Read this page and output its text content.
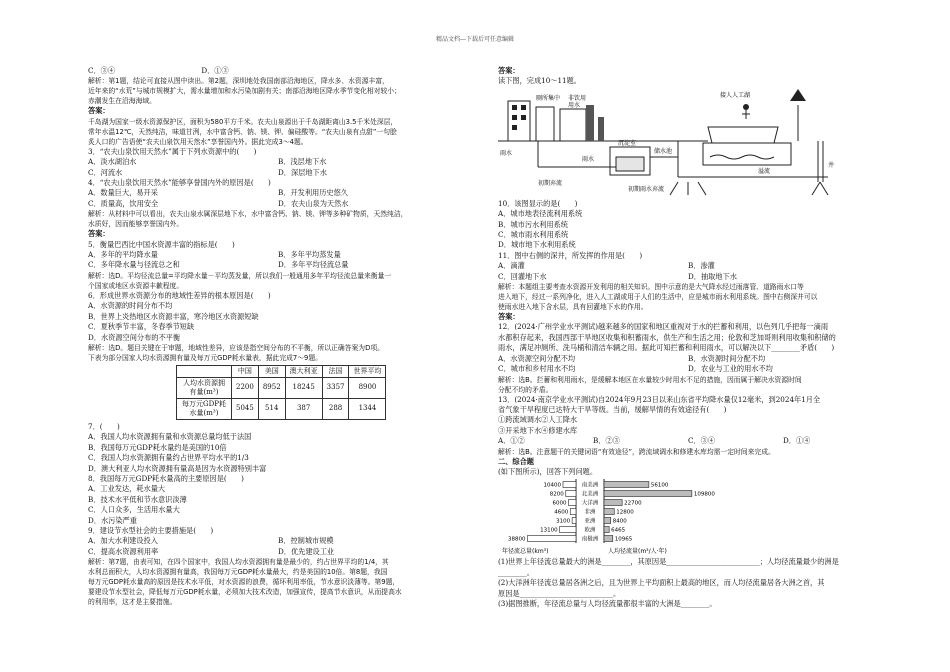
精品文档---下载后可任意编辑

C．③④　　　　　　　　　　　　D．①③

解析：第1题，结论可直接从图中读出。第2题，深圳地处我国南部沿海地区，降水多、水资源丰富，

近年来的“水荒”与城市规模扩大，需水量增加和水污染加剧有关；南部沿海地区降水季节变化相对较小；

赤潮发生在沿海海域。

答案：

千岛湖为国家一级水资源保护区，面积为580平方千米。农夫山泉源出于千岛湖距离山3.5千米处深层，

常年水温12℃，天然纯洁，味道甘洌，水中富含钙、钠、镁、钾、偏硅酸等。“农夫山泉有点甜”一句脍

炙人口的广告语使“农夫山泉饮用天然水”享誉国内外。据此完成3～4题。

3．“农夫山泉饮用天然水”属于下列水资源中的(　　)

A．淡水湖泊水	B．浅层地下水
C．河流水	D．深层地下水

4．“农夫山泉饮用天然水”能够享誉国内外的原因是(　　)

A．数量巨大，易开采	B．开发利用历史悠久
C．质量高，饮用安全	D．农夫山泉为天然水

解析：从材料中可以看出，农夫山泉水属深层地下水，水中富含钙、钠、镁、钾等多种矿物质，天然纯洁，

水质好，因而能够享誉国内外。

答案：

5．衡量巴西比中国水资源丰富的指标是(　　)

A．多年的平均降水量	B．多年平均蒸发量
C．多年降水量与径流总之和	D．多年平均径流总量

解析：选D。平均径流总量=平均降水量－平均蒸发量，所以我们一般通用多年平均径流总量来衡量一

个国家或地区水资源丰歉程度。

6．形成世界水资源分布的地域性差异的根本原因是(　　)

A．水资源的时间分布不均

B．世界上炎热地区水资源丰富，寒冷地区水资源短缺

C．夏秋季节丰富，冬春季节短缺

D．水资源空间分布的不平衡

解析：选D。题目关键在于审题，地域性差异，应该是指空间分布的不平衡，所以正确答案为D项。

下表为部分国家人均水资源拥有量及每万元GDP耗水量表，据此完成7～9题。

	中国	美国	澳大利亚	法国	世界平均
人均水资源拥有量(m³)	2200	8952	18245	3357	8900
每万元GDP耗水量(m³)	5045	514	387	288	1344

7．(　　)

A．我国人均水资源拥有量和水资源总量均低于法国

B．我国每万元GDP耗水量约是美国的10倍

C．我国人均水资源拥有量约占世界平均水平的1/3

D．澳大利亚人均水资源拥有量高是因为水资源特别丰富

8．我国每万元GDP耗水量高的主要原因是(　　)

A．工业发达，耗水量大

B．技术水平低和节水意识淡薄

C．人口众多，生活用水量大

D．水污染严重

9．建设节水型社会的主要措施是(　　)

A．加大水利建设投入	B．控制城市规模
C．提高水资源利用率	D．优先建设工业

解析：第7题，由表可知，在四个国家中，我国人均水资源拥有量是最少的，约占世界平均的1/4，其

水利总面积大，人均水资源拥有量高，我国每万元GDP耗水量最大，约是美国的10倍。第8题，我国

每万元GDP耗水量高的原因是技术水平低，对水资源的浪费，循环利用率低，节水意识淡薄等。第9题，

要建设节水型社会，降低每万元GDP耗水量，必须加大技术改造，加强宣传，提高节水意识，从而提高水

的利用率，这才是主要措施。

答案：

读下图，完成10～11题。

厕所集中 非饮用
用水
接人人工湖
沉淀室
雨水	储水池
溢流
初期弃流
雨水
初期雨水弃流
井

10．该图显示的是(　　)

A．城市地表径流利用系统

B．城市污水利用系统

C．城市雨水利用系统

D．城市地下水利用系统

11．图中右侧的深井，所发挥的作用是(　　)

A．滴灌	B．渗灌
C．回灌地下水	D．抽取地下水

解析：本题组主要考查水资源开发利用的相关知识。图中示意的是大气降水经过雨落管、道路雨水口等

进入地下，经过一系列净化，进入人工湖或用于人们的生活中，应是城市雨水利用系统。图中右侧深井可以

使雨水进入地下含水层，具有回灌地下水的作用。

答案：

12．(2024·广州学业水平测试)越来越多的国家和地区重视对于水的拦蓄和利用，以色列几乎把每一滴雨

水都积存起来，我国西部干旱地区收集和积蓄雨水，供生产和生活之用；伦敦和芝加哥则利用收集和积储的

雨水，满足冲厕所、洗马桶和清洁车辆之用。据此可知拦蓄和利用雨水，可以解决以下________矛盾(　　)

A．水资源空间分配不均	B．水资源时间分配不均
C．城市和乡村用水不均	D．农业与工业的用水不均

解析：选B。拦蓄和利用雨水，是缓解本地区在水量较少时用水不足的措施，因而属于解决水资源时间

分配不均的矛盾。

13．(2024·南京学业水平测试)自2024年9月23日以来山东省平均降水量仅12毫米，到2024年1月全

省气象干旱程度已达特大干旱等级。当前，缓解旱情的有效途径有(　　)

①跨流域调水②人工降水

③开采地下水④修建水库

A．①②	B．②③	C．③④	D．①④

解析：选B。注意题干的关键词语“有效途径”，跨流域调水和修建水库均需一定时间来完成。

二、综合题

(如下图所示)，回答下列问题。

年径流总量(km³)	人均径流量(m³/人·年)
南美洲
10400	56100
北美洲
8200	109800
大洋洲
6000	22700
非洲
4600	12800
亚洲
3100	8400
欧洲
13100	6465
南极洲
38800	10965

(1)世界上年径流总量最大的洲是________，其原因是__________________________；人均径流量最少的洲是

________。

(2)大洋洲年径流总量居各洲之后，且为世界上平均面积上最高的地区，而人均径流量居各大洲之首，其

原因是__________________________。

(3)据图推断，年径流总量与人均径流量都很丰富的大洲是________。
